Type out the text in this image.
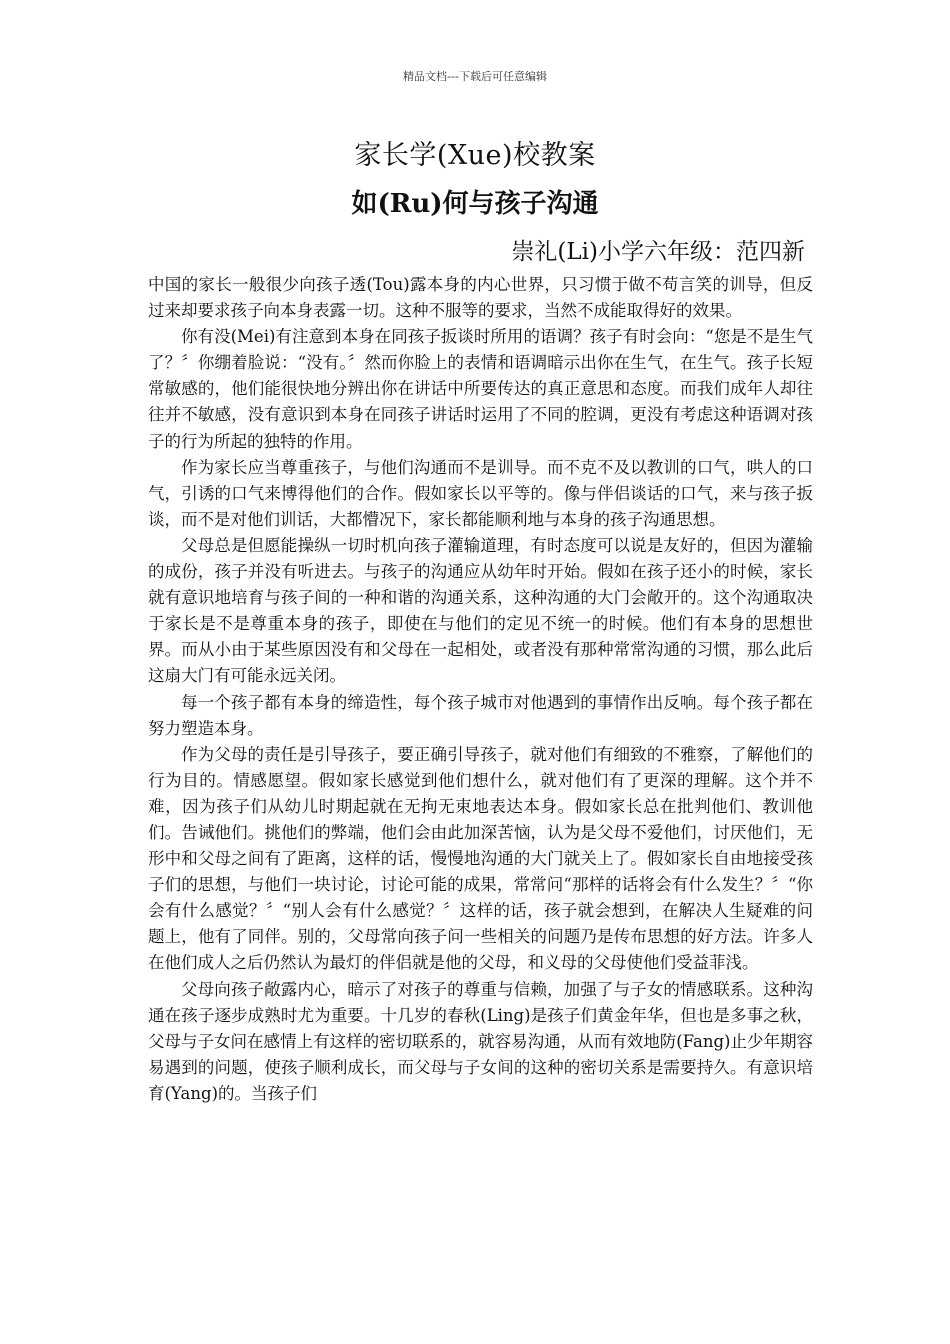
精品文档---下载后可任意编辑
家长学(Xue)校教案
如(Ru)何与孩子沟通
崇礼(Li)小学六年级：范四新

中国的家长一般很少向孩子透(Tou)露本身的内心世界，只习惯于做不苟言笑的训导，但反过来却要求孩子向本身表露一切。这种不服等的要求，当然不成能取得好的效果。

你有没(Mei)有注意到本身在同孩子扳谈时所用的语调？孩子有时会向：“您是不是生气了？〞你绷着脸说：“没有。〞然而你脸上的表情和语调暗示出你在生气，在生气。孩子长短常敏感的，他们能很快地分辨出你在讲话中所要传达的真正意思和态度。而我们成年人却往往并不敏感，没有意识到本身在同孩子讲话时运用了不同的腔调，更没有考虑这种语调对孩子的行为所起的独特的作用。

作为家长应当尊重孩子，与他们沟通而不是训导。而不克不及以教训的口气，哄人的口气，引诱的口气来博得他们的合作。假如家长以平等的。像与伴侣谈话的口气，来与孩子扳谈，而不是对他们训话，大都懵况下，家长都能顺利地与本身的孩子沟通思想。

父母总是但愿能操纵一切时机向孩子灌输道理，有时态度可以说是友好的，但因为灌输的成份，孩子并没有听进去。与孩子的沟通应从幼年时开始。假如在孩子还小的时候，家长就有意识地培育与孩子间的一种和谐的沟通关系，这种沟通的大门会敞开的。这个沟通取决于家长是不是尊重本身的孩子，即使在与他们的定见不统一的时候。他们有本身的思想世界。而从小由于某些原因没有和父母在一起相处，或者没有那种常常沟通的习惯，那么此后这扇大门有可能永远关闭。

每一个孩子都有本身的缔造性，每个孩子城市对他遇到的事情作出反响。每个孩子都在努力塑造本身。

作为父母的责任是引导孩子，要正确引导孩子，就对他们有细致的不雅察，了解他们的行为目的。情感愿望。假如家长感觉到他们想什么，就对他们有了更深的理解。这个并不难，因为孩子们从幼儿时期起就在无拘无束地表达本身。假如家长总在批判他们、教训他们。告诫他们。挑他们的弊端，他们会由此加深苦恼，认为是父母不爱他们，讨厌他们，无形中和父母之间有了距离，这样的话，慢慢地沟通的大门就关上了。假如家长自由地接受孩子们的思想，与他们一块讨论，讨论可能的成果，常常问“那样的话将会有什么发生？〞“你会有什么感觉？〞“别人会有什么感觉？〞这样的话，孩子就会想到，在解决人生疑难的问题上，他有了同伴。别的，父母常向孩子问一些相关的问题乃是传布思想的好方法。许多人在他们成人之后仍然认为最灯的伴侣就是他的父母，和义母的父母使他们受益菲浅。

父母向孩子敞露内心，暗示了对孩子的尊重与信赖，加强了与子女的情感联系。这种沟通在孩子逐步成熟时尤为重要。十几岁的春秋(Ling)是孩子们黄金年华，但也是多事之秋，父母与子女问在感情上有这样的密切联系的，就容易沟通，从而有效地防(Fang)止少年期容易遇到的问题，使孩子顺利成长，而父母与子女间的这种的密切关系是需要持久。有意识培育(Yang)的。当孩子们
